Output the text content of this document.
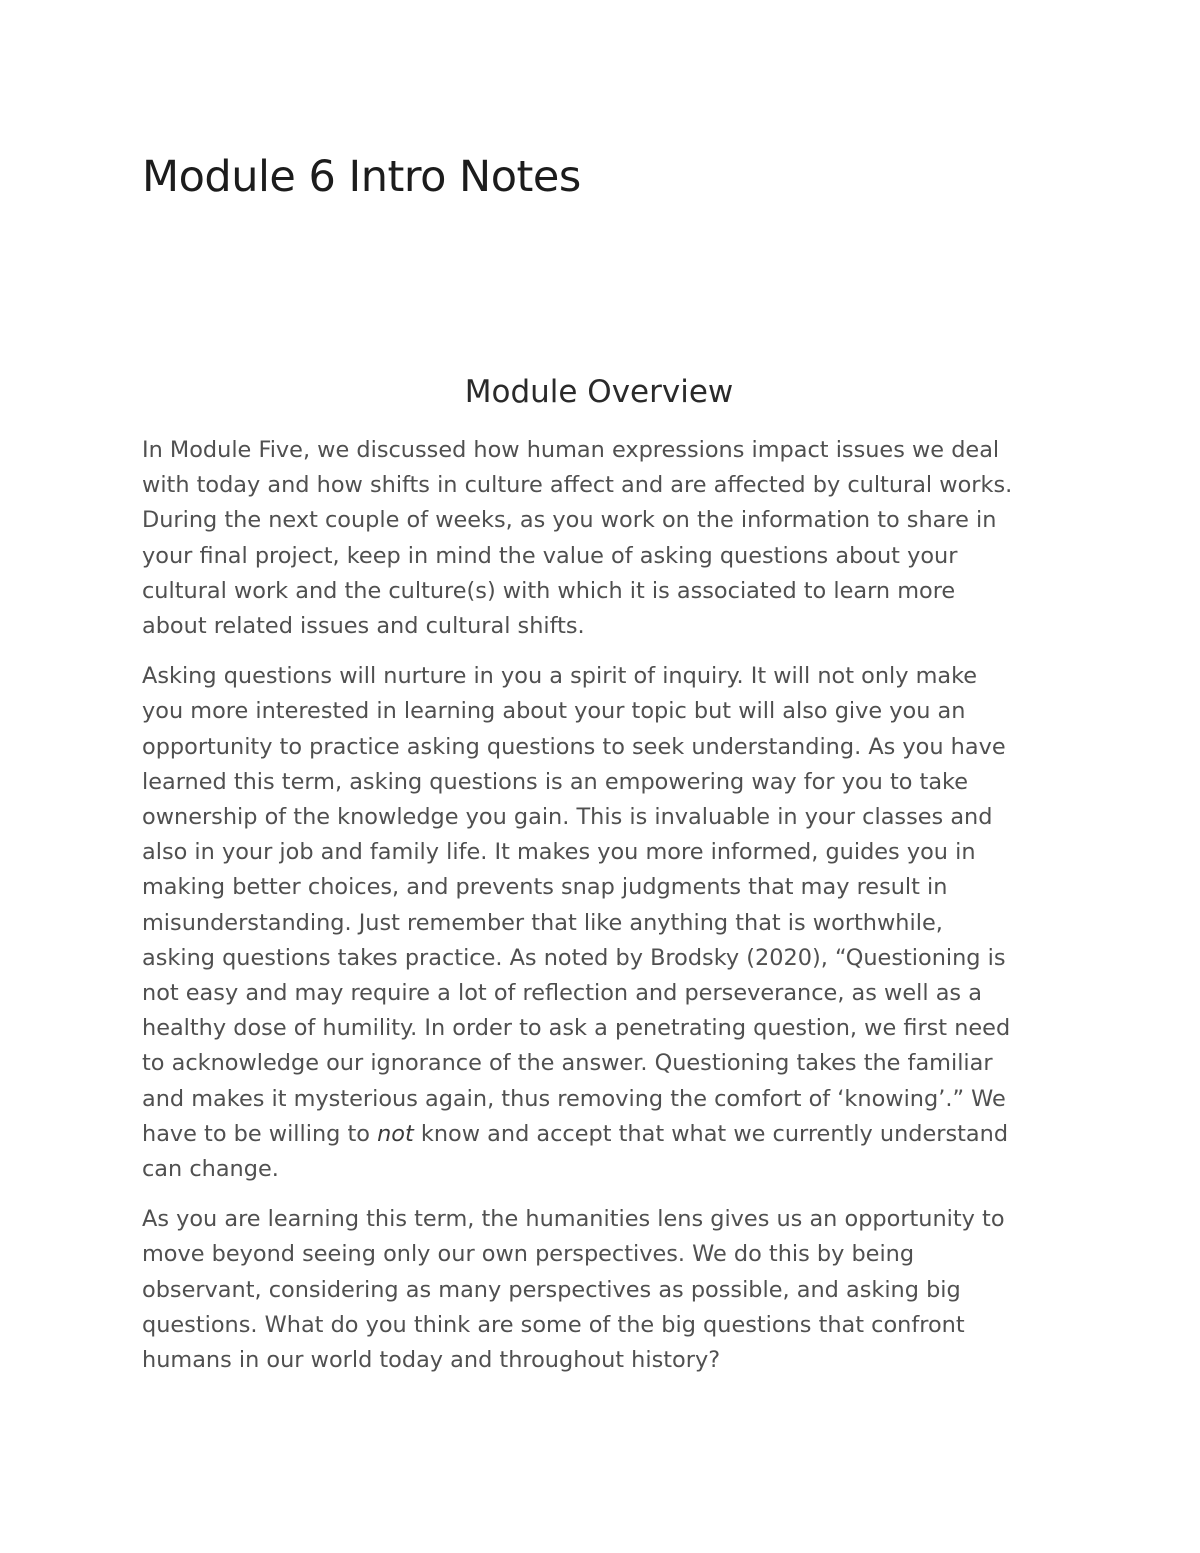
Module 6 Intro Notes
Module Overview

In Module Five, we discussed how human expressions impact issues we deal
with today and how shifts in culture affect and are affected by cultural works.
During the next couple of weeks, as you work on the information to share in
your final project, keep in mind the value of asking questions about your
cultural work and the culture(s) with which it is associated to learn more
about related issues and cultural shifts.

Asking questions will nurture in you a spirit of inquiry. It will not only make
you more interested in learning about your topic but will also give you an
opportunity to practice asking questions to seek understanding. As you have
learned this term, asking questions is an empowering way for you to take
ownership of the knowledge you gain. This is invaluable in your classes and
also in your job and family life. It makes you more informed, guides you in
making better choices, and prevents snap judgments that may result in
misunderstanding. Just remember that like anything that is worthwhile,
asking questions takes practice. As noted by Brodsky (2020), “Questioning is
not easy and may require a lot of reflection and perseverance, as well as a
healthy dose of humility. In order to ask a penetrating question, we first need
to acknowledge our ignorance of the answer. Questioning takes the familiar
and makes it mysterious again, thus removing the comfort of ‘knowing’.” We
have to be willing to not know and accept that what we currently understand
can change.

As you are learning this term, the humanities lens gives us an opportunity to
move beyond seeing only our own perspectives. We do this by being
observant, considering as many perspectives as possible, and asking big
questions. What do you think are some of the big questions that confront
humans in our world today and throughout history?
